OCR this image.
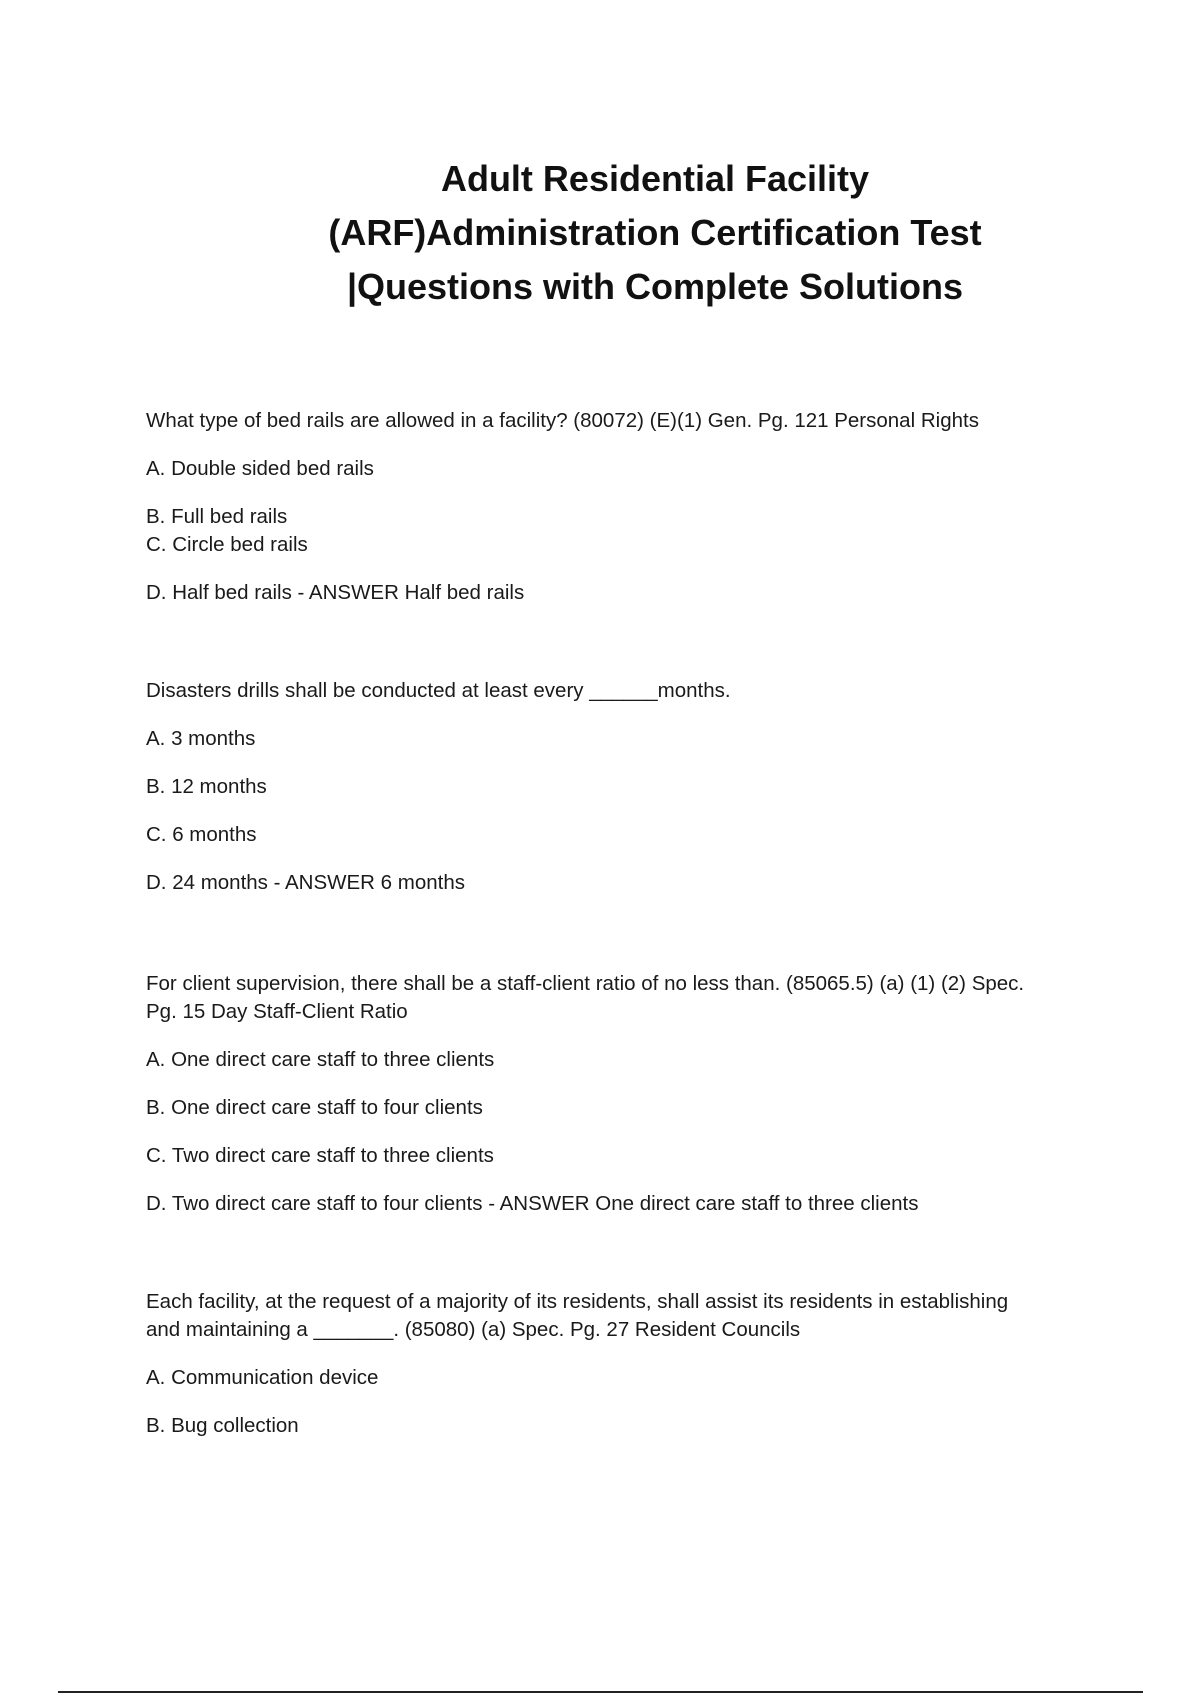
Adult Residential Facility
(ARF)Administration Certification Test
|Questions with Complete Solutions

What type of bed rails are allowed in a facility? (80072) (E)(1) Gen. Pg. 121 Personal Rights

A. Double sided bed rails

B. Full bed rails

C. Circle bed rails

D. Half bed rails - ANSWER Half bed rails

Disasters drills shall be conducted at least every ______months.

A. 3 months

B. 12 months

C. 6 months

D. 24 months - ANSWER 6 months

For client supervision, there shall be a staff-client ratio of no less than. (85065.5) (a) (1) (2) Spec. Pg. 15 Day Staff-Client Ratio

A. One direct care staff to three clients

B. One direct care staff to four clients

C. Two direct care staff to three clients

D. Two direct care staff to four clients - ANSWER One direct care staff to three clients

Each facility, at the request of a majority of its residents, shall assist its residents in establishing and maintaining a _______. (85080) (a) Spec. Pg. 27 Resident Councils

A. Communication device

B. Bug collection
